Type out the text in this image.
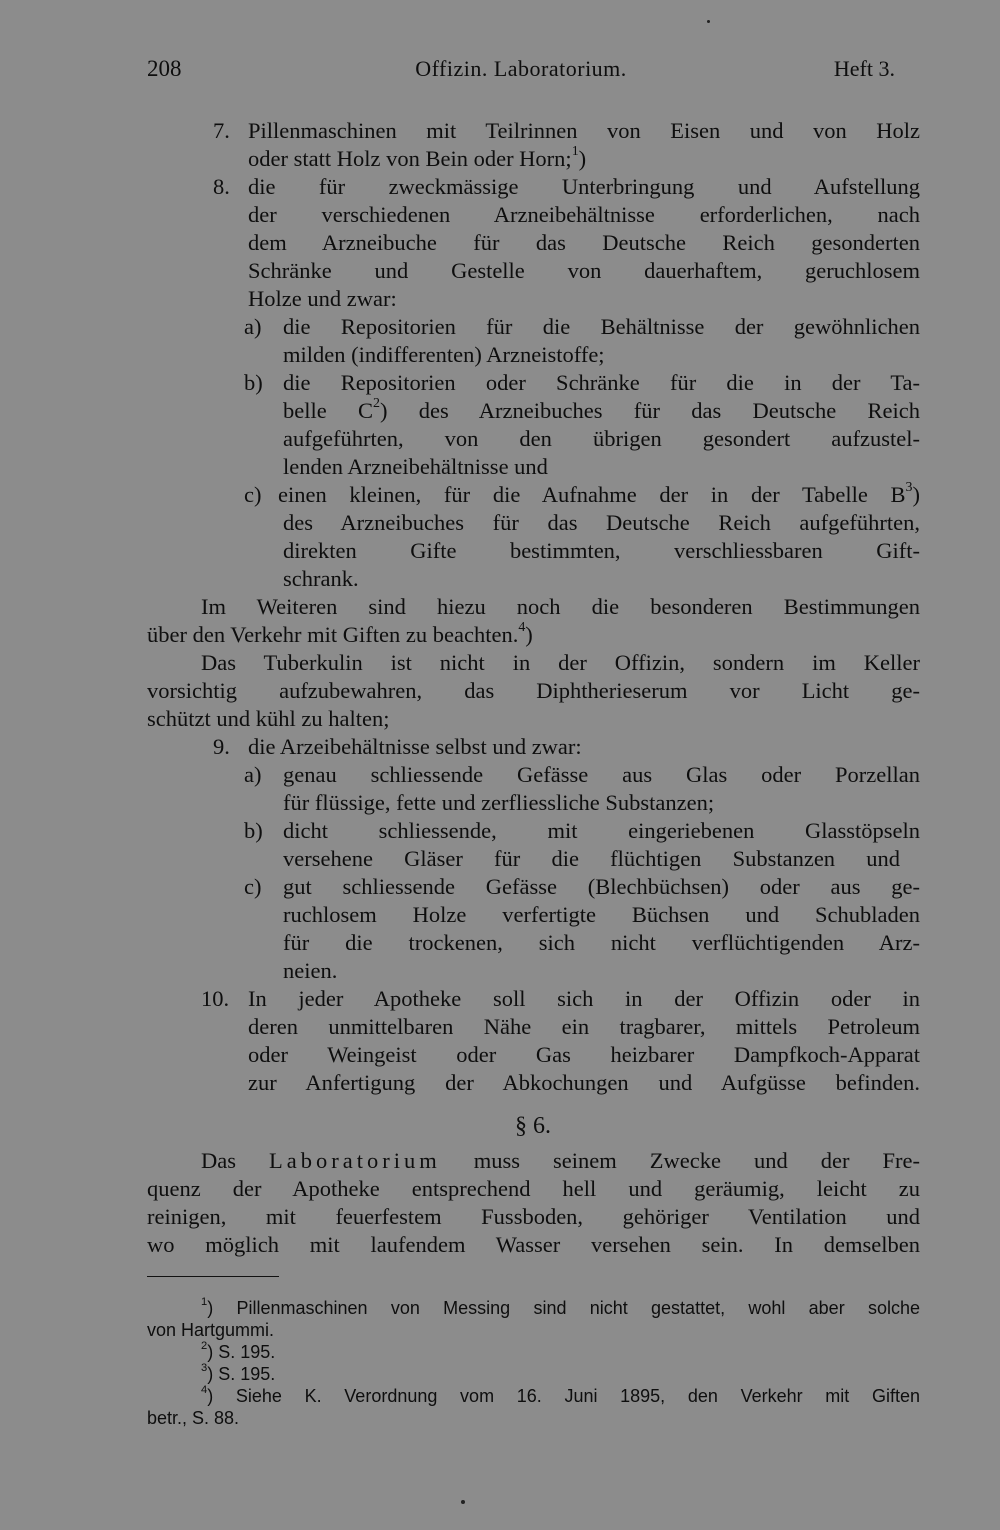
208	Offizin. Laboratorium.	Heft 3.
7. Pillenmaschinen mit Teilrinnen von Eisen und von Holz
oder statt Holz von Bein oder Horn;$^1$)
8. die für zweckmässige Unterbringung und Aufstellung
der verschiedenen Arzneibehältnisse erforderlichen, nach
dem Arzneibuche für das Deutsche Reich gesonderten
Schränke und Gestelle von dauerhaftem, geruchlosem
Holze und zwar:
a) die Repositorien für die Behältnisse der gewöhnlichen
milden (indifferenten) Arzneistoffe;
b) die Repositorien oder Schränke für die in der Ta-
belle $C^2$) des Arzneibuches für das Deutsche Reich
aufgeführten, von den übrigen gesondert aufzustel-
lenden Arzneibehältnisse und
c) einen kleinen, für die Aufnahme der in der Tabelle $B^3$)
des Arzneibuches für das Deutsche Reich aufgeführten,
direkten Gifte bestimmten, verschliessbaren Gift-
schrank.
Im Weiteren sind hiezu noch die besonderen Bestimmungen
über den Verkehr mit Giften zu beachten.$^4$)
Das Tuberkulin ist nicht in der Offizin, sondern im Keller
vorsichtig aufzubewahren, das Diphtherieserum vor Licht ge-
schützt und kühl zu halten;
9. die Arzeibehältnisse selbst und zwar:
a) genau schliessende Gefässe aus Glas oder Porzellan
für flüssige, fette und zerfliessliche Substanzen;
b) dicht schliessende, mit eingeriebenen Glasstöpseln
versehene Gläser für die flüchtigen Substanzen und
c) gut schliessende Gefässe (Blechbüchsen) oder aus ge-
ruchlosem Holze verfertigte Büchsen und Schubladen
für die trockenen, sich nicht verflüchtigenden Arz-
neien.
10. In jeder Apotheke soll sich in der Offizin oder in
deren unmittelbaren Nähe ein tragbarer, mittels Petroleum
oder Weingeist oder Gas heizbarer Dampfkoch-Apparat
zur Anfertigung der Abkochungen und Aufgüsse befinden.
§ 6.
Das Laboratorium muss seinem Zwecke und der Fre-
quenz der Apotheke entsprechend hell und geräumig, leicht zu
reinigen, mit feuerfestem Fussboden, gehöriger Ventilation und
wo möglich mit laufendem Wasser versehen sein. In demselben
$^1$) Pillenmaschinen von Messing sind nicht gestattet, wohl aber solche
von Hartgummi.
$^2$) S. 195.
$^3$) S. 195.
$^4$) Siehe K. Verordnung vom 16. Juni 1895, den Verkehr mit Giften
betr., S. 88.
